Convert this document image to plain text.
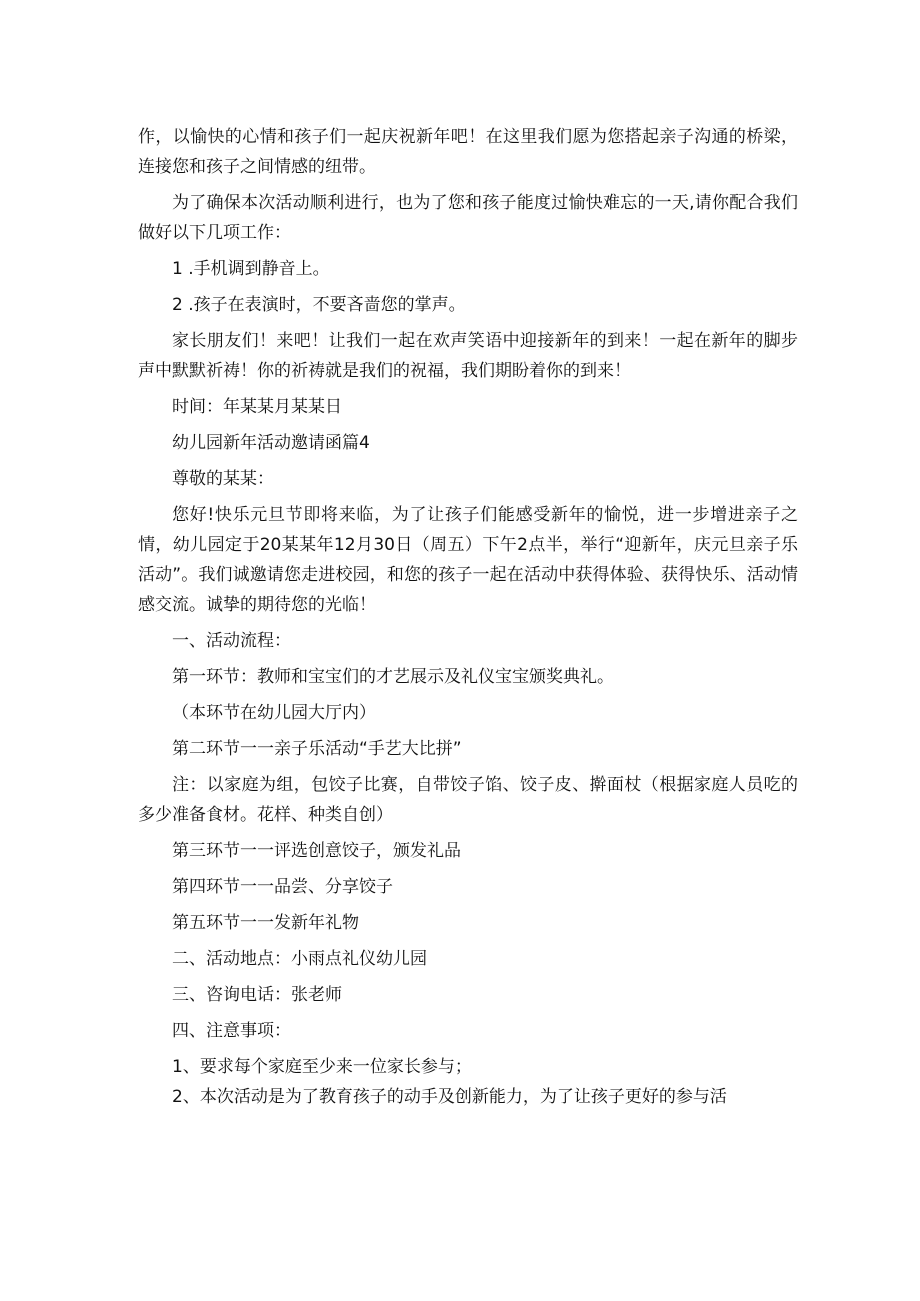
作，以愉快的心情和孩子们一起庆祝新年吧！在这里我们愿为您搭起亲子沟通的桥梁，连接您和孩子之间情感的纽带。

为了确保本次活动顺利进行，也为了您和孩子能度过愉快难忘的一天,请你配合我们做好以下几项工作：

1 .手机调到静音上。

2 .孩子在表演时，不要吝啬您的掌声。

家长朋友们！来吧！让我们一起在欢声笑语中迎接新年的到来！一起在新年的脚步声中默默祈祷！你的祈祷就是我们的祝福，我们期盼着你的到来！

时间：年某某月某某日

幼儿园新年活动邀请函篇4

尊敬的某某：

您好!快乐元旦节即将来临，为了让孩子们能感受新年的愉悦，进一步增进亲子之情，幼儿园定于20某某年12月30日（周五）下午2点半，举行“迎新年，庆元旦亲子乐活动”。我们诚邀请您走进校园，和您的孩子一起在活动中获得体验、获得快乐、活动情感交流。诚挚的期待您的光临！

一、活动流程：

第一环节：教师和宝宝们的才艺展示及礼仪宝宝颁奖典礼。

（本环节在幼儿园大厅内）

第二环节一一亲子乐活动“手艺大比拼”

注：以家庭为组，包饺子比赛，自带饺子馅、饺子皮、擀面杖（根据家庭人员吃的多少准备食材。花样、种类自创）

第三环节一一评选创意饺子，颁发礼品

第四环节一一品尝、分享饺子

第五环节一一发新年礼物

二、活动地点：小雨点礼仪幼儿园

三、咨询电话：张老师

四、注意事项：

1、要求每个家庭至少来一位家长参与；

2、本次活动是为了教育孩子的动手及创新能力，为了让孩子更好的参与活
